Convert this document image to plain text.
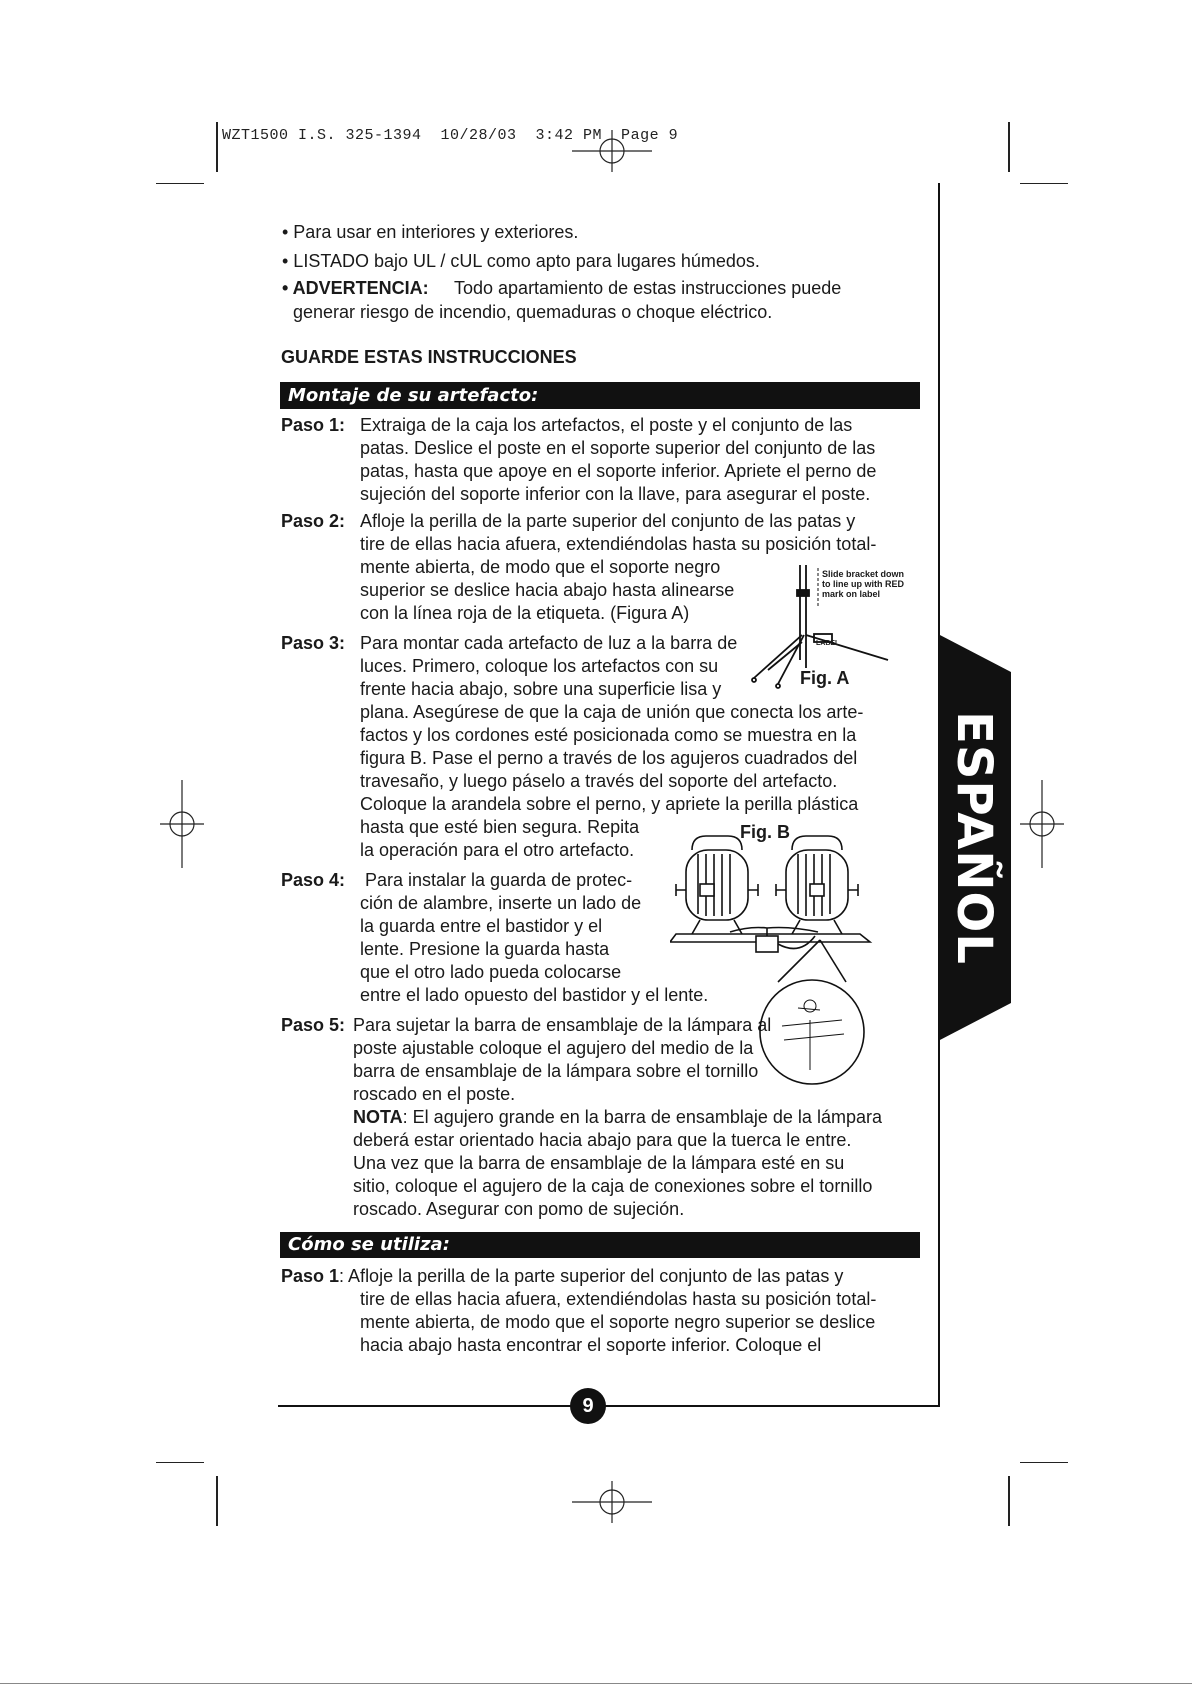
WZT1500 I.S. 325-1394  10/28/03  3:42 PM  Page 9
ESPAÑOL
• Para usar en interiores y exteriores.
• LISTADO bajo UL / cUL como apto para lugares húmedos.
• ADVERTENCIA: Todo apartamiento de estas instrucciones puede
generar riesgo de incendio, quemaduras o choque eléctrico.
GUARDE ESTAS INSTRUCCIONES
Montaje de su artefacto:
Paso 1: Extraiga de la caja los artefactos, el poste y el conjunto de las
patas. Deslice el poste en el soporte superior del conjunto de las
patas, hasta que apoye en el soporte inferior. Apriete el perno de
sujeción del soporte inferior con la llave, para asegurar el poste.
Paso 2: Afloje la perilla de la parte superior del conjunto de las patas y
tire de ellas hacia afuera, extendiéndolas hasta su posición total-
mente abierta, de modo que el soporte negro
superior se deslice hacia abajo hasta alinearse
con la línea roja de la etiqueta. (Figura A)
Paso 3: Para montar cada artefacto de luz a la barra de
luces. Primero, coloque los artefactos con su
frente hacia abajo, sobre una superficie lisa y
plana. Asegúrese de que la caja de unión que conecta los arte-
factos y los cordones esté posicionada como se muestra en la
figura B. Pase el perno a través de los agujeros cuadrados del
travesaño, y luego páselo a través del soporte del artefacto.
Coloque la arandela sobre el perno, y apriete la perilla plástica
hasta que esté bien segura. Repita
la operación para el otro artefacto.
Paso 4: Para instalar la guarda de protec-
ción de alambre, inserte un lado de
la guarda entre el bastidor y el
lente. Presione la guarda hasta
que el otro lado pueda colocarse
entre el lado opuesto del bastidor y el lente.
Paso 5: Para sujetar la barra de ensamblaje de la lámpara al
poste ajustable coloque el agujero del medio de la
barra de ensamblaje de la lámpara sobre el tornillo
roscado en el poste.
NOTA: El agujero grande en la barra de ensamblaje de la lámpara
deberá estar orientado hacia abajo para que la tuerca le entre.
Una vez que la barra de ensamblaje de la lámpara esté en su
sitio, coloque el agujero de la caja de conexiones sobre el tornillo
roscado. Asegurar con pomo de sujeción.
Cómo se utiliza:
Paso 1: Afloje la perilla de la parte superior del conjunto de las patas y
tire de ellas hacia afuera, extendiéndolas hasta su posición total-
mente abierta, de modo que el soporte negro superior se deslice
hacia abajo hasta encontrar el soporte inferior. Coloque el
Slide bracket down
to line up with RED
mark on label
LABEL
Fig. A
Fig. B
9
